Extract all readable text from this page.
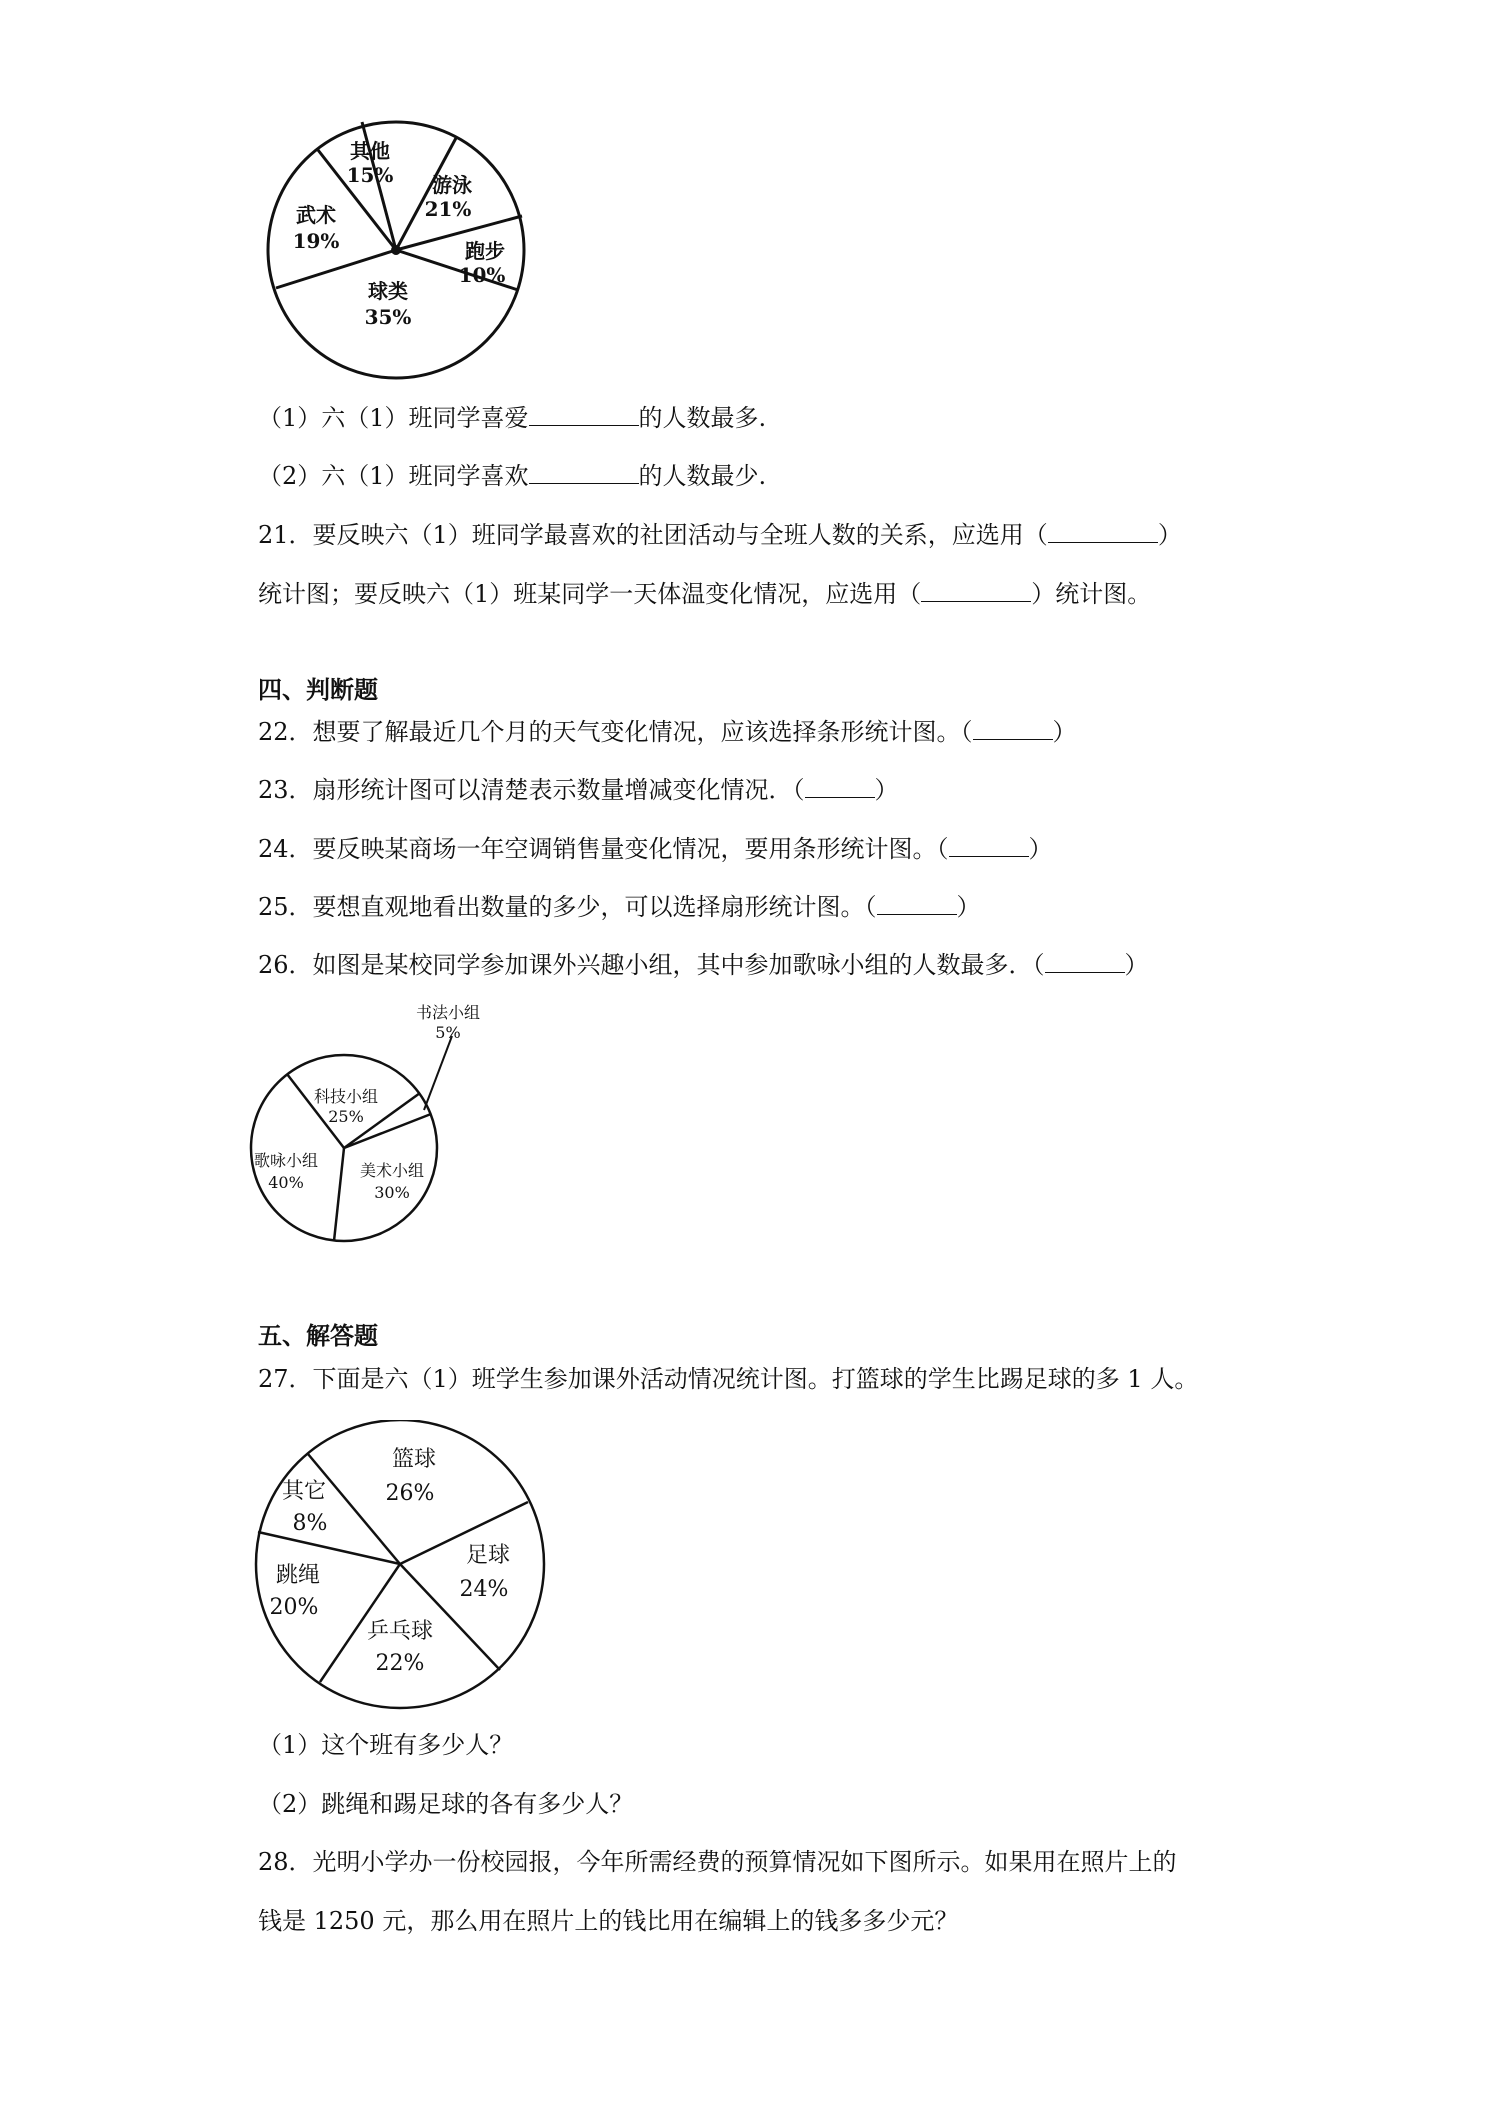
其他
15% 游泳
21%
跑步
10%
球类
35%
武术
19%
（1）六（1）班同学喜爱	的人数最多.
（2）六（1）班同学喜欢	的人数最少.
21．要反映六（1）班同学最喜欢的社团活动与全班人数的关系，应选用（	）
统计图；要反映六（1）班某同学一天体温变化情况，应选用（	）统计图。
四、判断题
22．想要了解最近几个月的天气变化情况，应该选择条形统计图。（	）
23．扇形统计图可以清楚表示数量增减变化情况．（	）
24．要反映某商场一年空调销售量变化情况，要用条形统计图。（	）
25．要想直观地看出数量的多少，可以选择扇形统计图。（	）
26．如图是某校同学参加课外兴趣小组，其中参加歌咏小组的人数最多．（	）
书法小组
5%
科技小组
25%
歌咏小组
40%
美术小组
30%
五、解答题
27．下面是六（1）班学生参加课外活动情况统计图。打篮球的学生比踢足球的多 1 人。
篮球
26%
足球
24%
乒乓球
22%
跳绳
20%
其它
8%
（1）这个班有多少人？
（2）跳绳和踢足球的各有多少人？
28．光明小学办一份校园报，今年所需经费的预算情况如下图所示。如果用在照片上的
钱是 1250 元，那么用在照片上的钱比用在编辑上的钱多多少元？
